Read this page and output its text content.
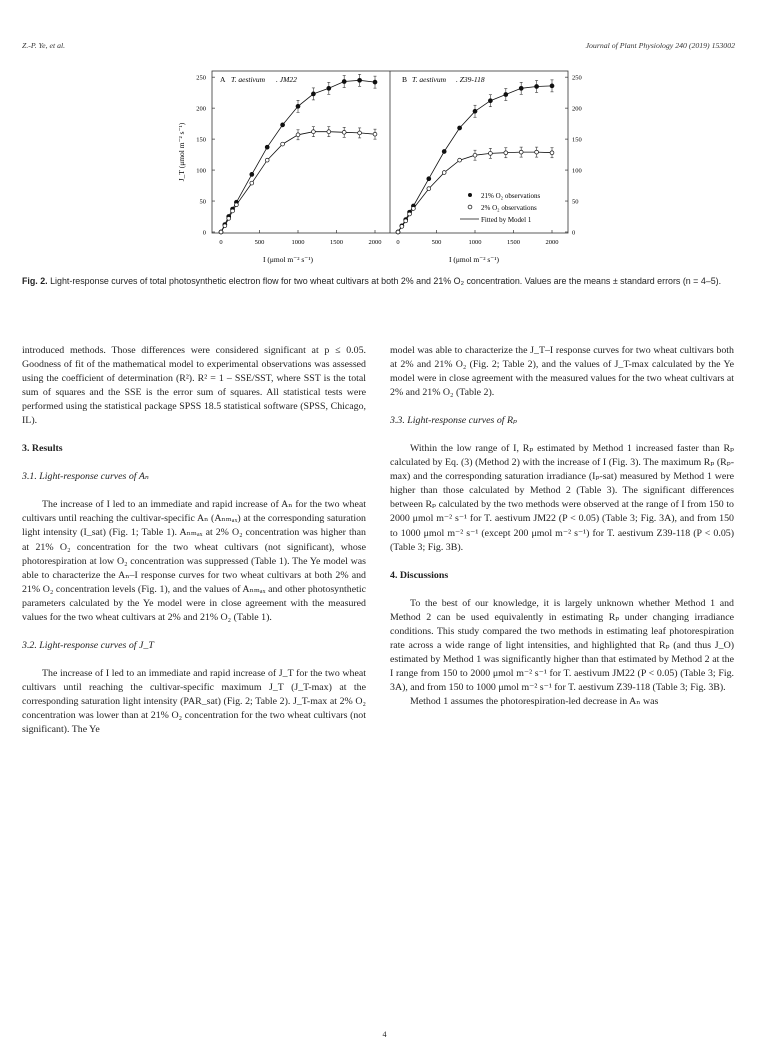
Z.-P. Ye, et al.	Journal of Plant Physiology 240 (2019) 153002
0	500	1000	1500	2000
0
50
100
150
200
250
0	500	1000	1500	2000
0
50
100
150
200
250
A T. aestivum . JM22	B T. aestivum . Z39-118
J_T (μmol m⁻² s⁻¹)
I (μmol m⁻² s⁻¹)	I (μmol m⁻² s⁻¹)
21% O₂ observations
2% O₂ observations
Fitted by Model 1
Fig. 2. Light-response curves of total photosynthetic electron flow for two wheat cultivars at both 2% and 21% O₂ concentration. Values are the means ± standard errors (n = 4–5).

introduced methods. Those differences were considered significant at p ≤ 0.05. Goodness of fit of the mathematical model to experimental observations was assessed using the coefficient of determination (R²). R² = 1 – SSE/SST, where SST is the total sum of squares and the SSE is the error sum of squares. All statistical tests were performed using the statistical package SPSS 18.5 statistical software (SPSS, Chicago, IL).

3. Results

3.1. Light-response curves of Aₙ

The increase of I led to an immediate and rapid increase of Aₙ for the two wheat cultivars until reaching the cultivar-specific Aₙ (Aₙₘₐₓ) at the corresponding saturation light intensity (I_sat) (Fig. 1; Table 1). Aₙₘₐₓ at 2% O₂ concentration was higher than at 21% O₂ concentration for the two wheat cultivars (not significant), whose photorespiration at low O₂ concentration was suppressed (Table 1). The Ye model was able to characterize the Aₙ–I response curves for two wheat cultivars at both 2% and 21% O₂ concentration levels (Fig. 1), and the values of Aₙₘₐₓ and other photosynthetic parameters calculated by the Ye model were in close agreement with the measured values for the two wheat cultivars at 2% and 21% O₂ (Table 1).

3.2. Light-response curves of J_T

The increase of I led to an immediate and rapid increase of J_T for the two wheat cultivars until reaching the cultivar-specific maximum J_T (J_T-max) at the corresponding saturation light intensity (PAR_sat) (Fig. 2; Table 2). J_T-max at 2% O₂ concentration was lower than at 21% O₂ concentration for the two wheat cultivars (not significant). The Ye

model was able to characterize the J_T–I response curves for two wheat cultivars both at 2% and 21% O₂ (Fig. 2; Table 2), and the values of J_T-max calculated by the Ye model were in close agreement with the measured values for the two wheat cultivars at 2% and 21% O₂ (Table 2).

3.3. Light-response curves of Rₚ

Within the low range of I, Rₚ estimated by Method 1 increased faster than Rₚ calculated by Eq. (3) (Method 2) with the increase of I (Fig. 3). The maximum Rₚ (Rₚ-max) and the corresponding saturation irradiance (Iₚ-sat) measured by Method 1 were higher than those calculated by Method 2 (Table 3). The significant differences between Rₚ calculated by the two methods were observed at the range of I from 150 to 2000 μmol m⁻² s⁻¹ for T. aestivum JM22 (P < 0.05) (Table 3; Fig. 3A), and from 150 to 1000 μmol m⁻² s⁻¹ (except 200 μmol m⁻² s⁻¹) for T. aestivum Z39-118 (P < 0.05) (Table 3; Fig. 3B).

4. Discussions

To the best of our knowledge, it is largely unknown whether Method 1 and Method 2 can be used equivalently in estimating Rₚ under changing irradiance conditions. This study compared the two methods in estimating leaf photorespiration rate across a wide range of light intensities, and highlighted that Rₚ (and thus J_O) estimated by Method 1 was significantly higher than that estimated by Method 2 at the I range from 150 to 2000 μmol m⁻² s⁻¹ for T. aestivum JM22 (P < 0.05) (Table 3; Fig. 3A), and from 150 to 1000 μmol m⁻² s⁻¹ for T. aestivum Z39-118 (Table 3; Fig. 3B).

Method 1 assumes the photorespiration-led decrease in Aₙ was

4
